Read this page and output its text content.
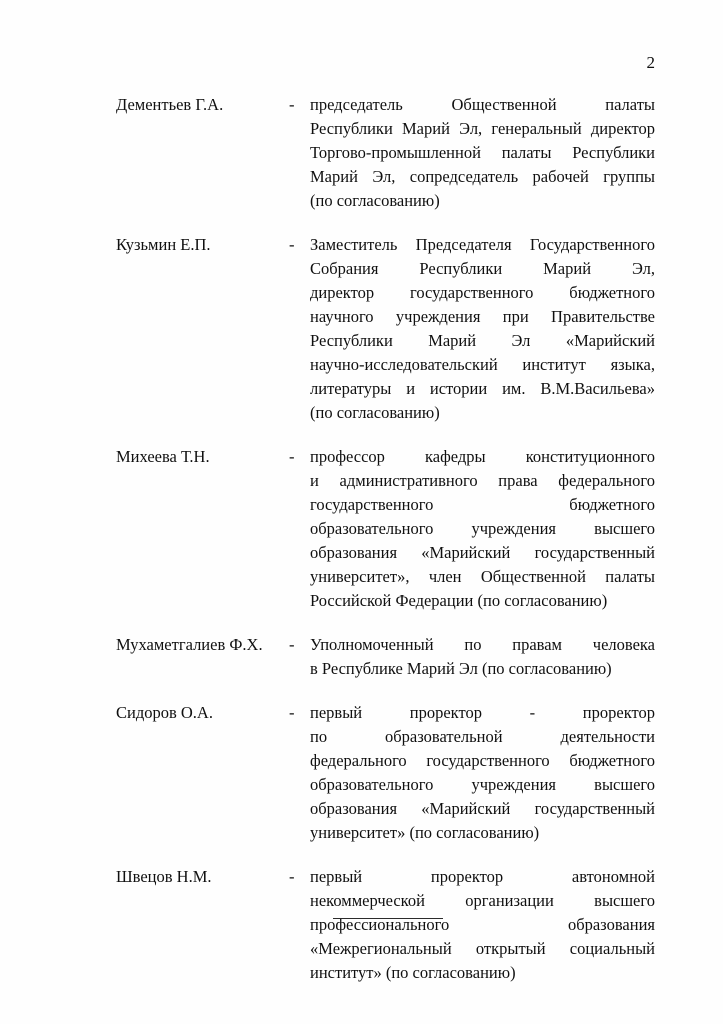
2
Дементьев Г.А.	- председатель Общественной палаты
Республики Марий Эл, генеральный директор
Торгово-промышленной палаты Республики
Марий Эл, сопредседатель рабочей группы
(по согласованию)
Кузьмин Е.П.	- Заместитель Председателя Государственного
Собрания Республики Марий Эл,
директор государственного бюджетного
научного учреждения при Правительстве
Республики Марий Эл «Марийский
научно-исследовательский институт языка,
литературы и истории им. В.М.Васильева»
(по согласованию)
Михеева Т.Н.	- профессор кафедры конституционного
и административного права федерального
государственного бюджетного
образовательного учреждения высшего
образования «Марийский государственный
университет», член Общественной палаты
Российской Федерации (по согласованию)
Мухаметгалиев Ф.Х.	- Уполномоченный по правам человека
в Республике Марий Эл (по согласованию)
Сидоров О.А.	- первый проректор - проректор
по образовательной деятельности
федерального государственного бюджетного
образовательного учреждения высшего
образования «Марийский государственный
университет» (по согласованию)
Швецов Н.М.	- первый проректор автономной
некоммерческой организации высшего
профессионального образования
«Межрегиональный открытый социальный
институт» (по согласованию)
